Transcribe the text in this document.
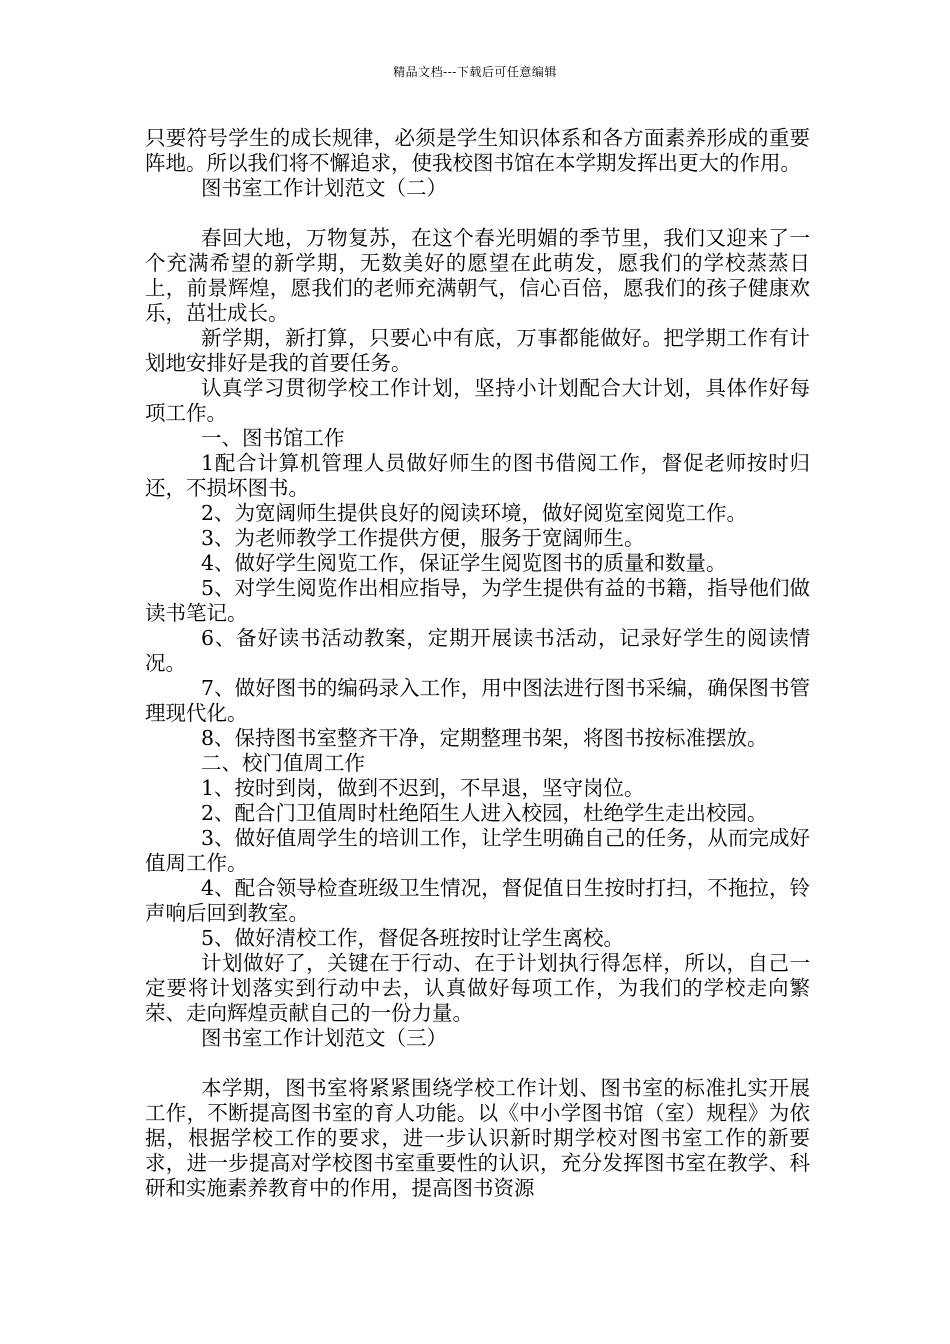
精品文档---下载后可任意编辑

只要符号学生的成长规律，必须是学生知识体系和各方面素养形成的重要阵地。所以我们将不懈追求，使我校图书馆在本学期发挥出更大的作用。

图书室工作计划范文（二）

春回大地，万物复苏，在这个春光明媚的季节里，我们又迎来了一个充满希望的新学期，无数美好的愿望在此萌发，愿我们的学校蒸蒸日上，前景辉煌，愿我们的老师充满朝气，信心百倍，愿我们的孩子健康欢乐，茁壮成长。

新学期，新打算，只要心中有底，万事都能做好。把学期工作有计划地安排好是我的首要任务。

认真学习贯彻学校工作计划，坚持小计划配合大计划，具体作好每项工作。

一、图书馆工作

1配合计算机管理人员做好师生的图书借阅工作，督促老师按时归还，不损坏图书。

2、为宽阔师生提供良好的阅读环境，做好阅览室阅览工作。

3、为老师教学工作提供方便，服务于宽阔师生。

4、做好学生阅览工作，保证学生阅览图书的质量和数量。

5、对学生阅览作出相应指导，为学生提供有益的书籍，指导他们做读书笔记。

6、备好读书活动教案，定期开展读书活动，记录好学生的阅读情况。

7、做好图书的编码录入工作，用中图法进行图书采编，确保图书管理现代化。

8、保持图书室整齐干净，定期整理书架，将图书按标准摆放。

二、校门值周工作

1、按时到岗，做到不迟到，不早退，坚守岗位。

2、配合门卫值周时杜绝陌生人进入校园，杜绝学生走出校园。

3、做好值周学生的培训工作，让学生明确自己的任务，从而完成好值周工作。

4、配合领导检查班级卫生情况，督促值日生按时打扫，不拖拉，铃声响后回到教室。

5、做好清校工作，督促各班按时让学生离校。

计划做好了，关键在于行动、在于计划执行得怎样，所以，自己一定要将计划落实到行动中去，认真做好每项工作，为我们的学校走向繁荣、走向辉煌贡献自己的一份力量。

图书室工作计划范文（三）

本学期，图书室将紧紧围绕学校工作计划、图书室的标准扎实开展工作，不断提高图书室的育人功能。以《中小学图书馆（室）规程》为依据，根据学校工作的要求，进一步认识新时期学校对图书室工作的新要求，进一步提高对学校图书室重要性的认识，充分发挥图书室在教学、科研和实施素养教育中的作用，提高图书资源
